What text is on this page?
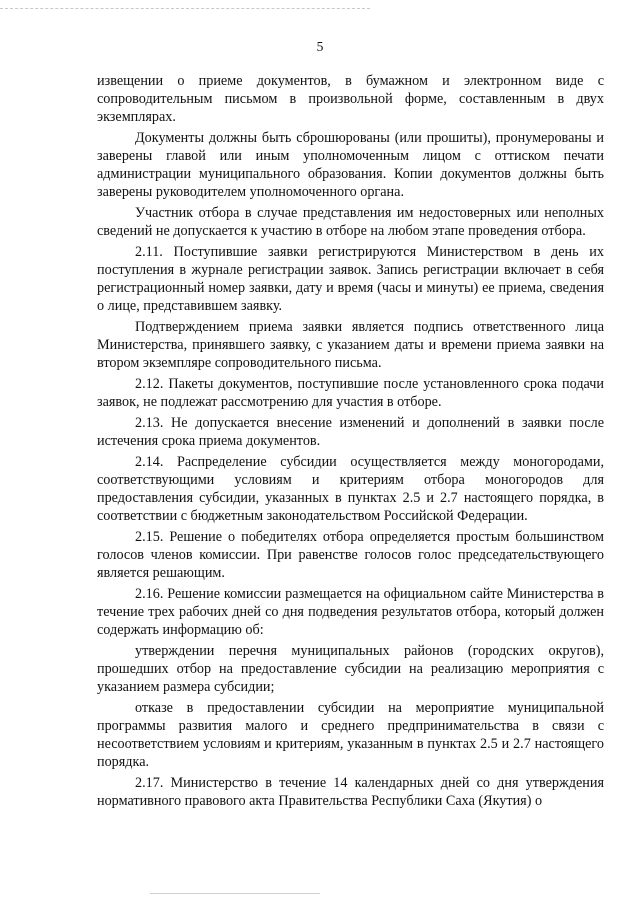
5

извещении о приеме документов, в бумажном и электронном виде с сопроводительным письмом в произвольной форме, составленным в двух экземплярах.

Документы должны быть сброшюрованы (или прошиты), пронумерованы и заверены главой или иным уполномоченным лицом с оттиском печати администрации муниципального образования. Копии документов должны быть заверены руководителем уполномоченного органа.

Участник отбора в случае представления им недостоверных или неполных сведений не допускается к участию в отборе на любом этапе проведения отбора.

2.11. Поступившие заявки регистрируются Министерством в день их поступления в журнале регистрации заявок. Запись регистрации включает в себя регистрационный номер заявки, дату и время (часы и минуты) ее приема, сведения о лице, представившем заявку.

Подтверждением приема заявки является подпись ответственного лица Министерства, принявшего заявку, с указанием даты и времени приема заявки на втором экземпляре сопроводительного письма.

2.12. Пакеты документов, поступившие после установленного срока подачи заявок, не подлежат рассмотрению для участия в отборе.

2.13. Не допускается внесение изменений и дополнений в заявки после истечения срока приема документов.

2.14. Распределение субсидии осуществляется между моногородами, соответствующими условиям и критериям отбора моногородов для предоставления субсидии, указанных в пунктах 2.5 и 2.7 настоящего порядка, в соответствии с бюджетным законодательством Российской Федерации.

2.15. Решение о победителях отбора определяется простым большинством голосов членов комиссии. При равенстве голосов голос председательствующего является решающим.

2.16. Решение комиссии размещается на официальном сайте Министерства в течение трех рабочих дней со дня подведения результатов отбора, который должен содержать информацию об:

утверждении перечня муниципальных районов (городских округов), прошедших отбор на предоставление субсидии на реализацию мероприятия с указанием размера субсидии;

отказе в предоставлении субсидии на мероприятие муниципальной программы развития малого и среднего предпринимательства в связи с несоответствием условиям и критериям, указанным в пунктах 2.5 и 2.7 настоящего порядка.

2.17. Министерство в течение 14 календарных дней со дня утверждения нормативного правового акта Правительства Республики Саха (Якутия) о
